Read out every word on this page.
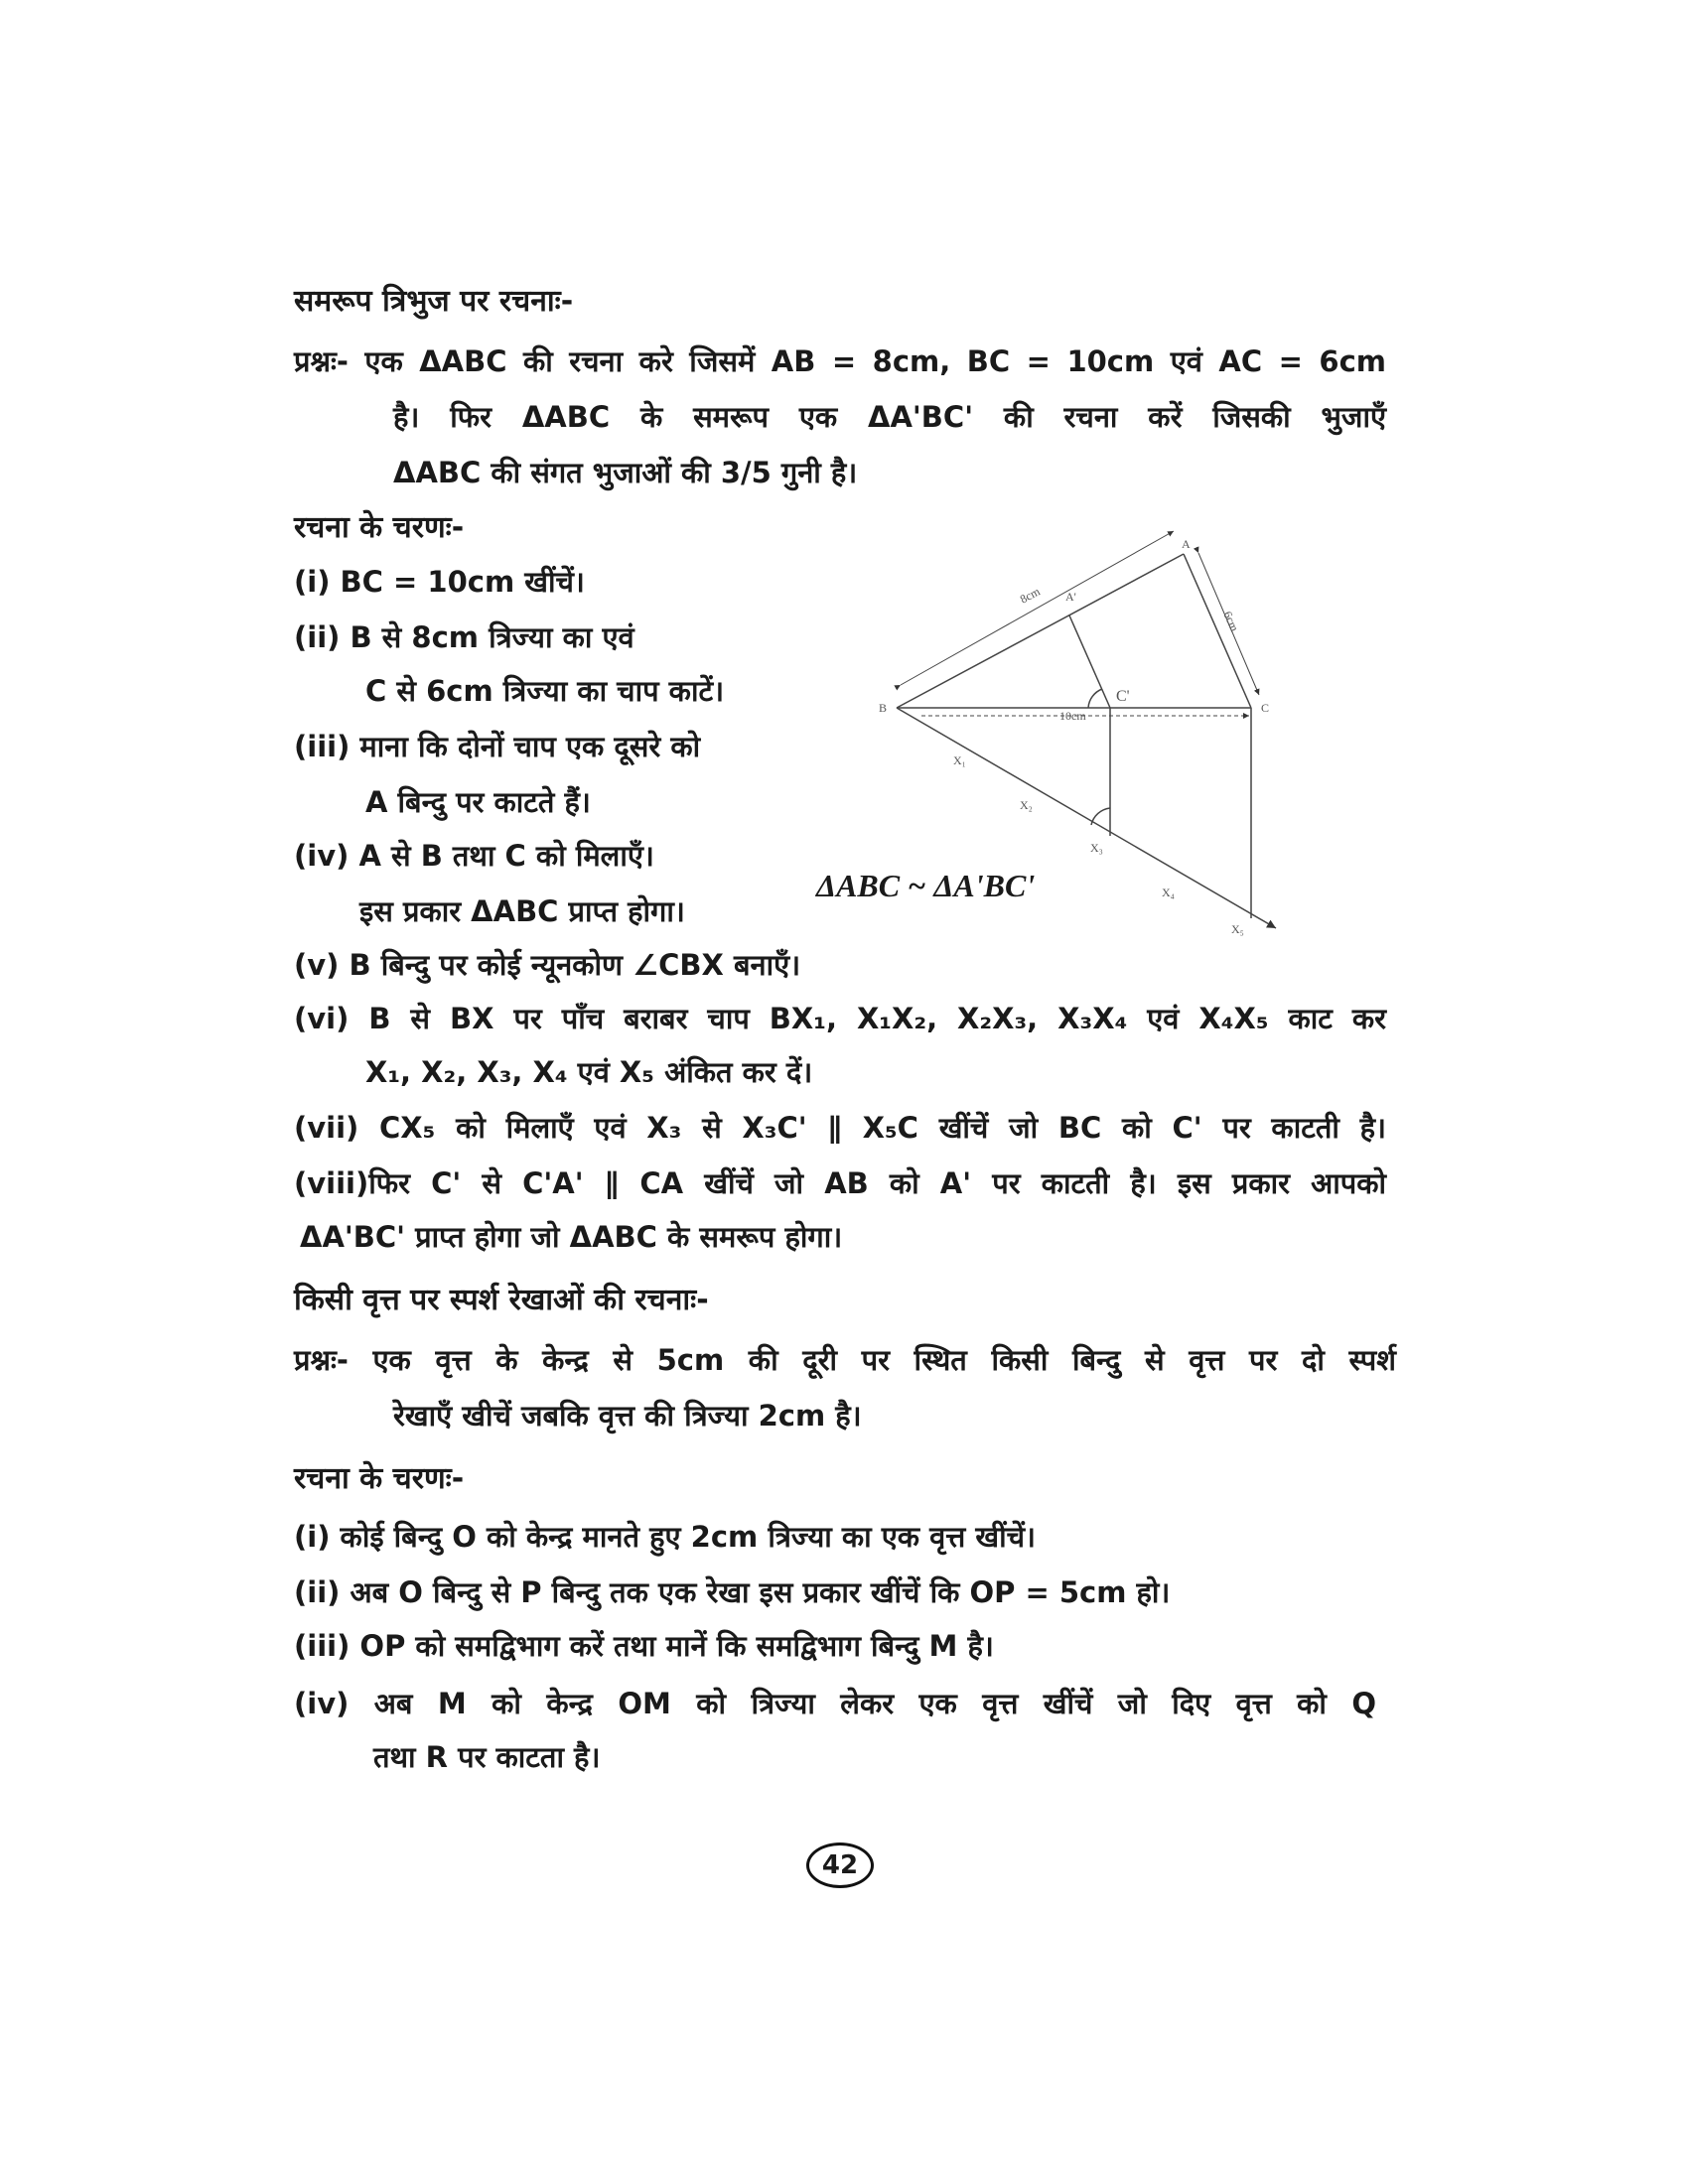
समरूप त्रिभुज पर रचनाः-
प्रश्नः- एक ΔABC की रचना करे जिसमें AB = 8cm, BC = 10cm एवं AC = 6cm
है। फिर ΔABC के समरूप एक ΔA'BC' की रचना करें जिसकी भुजाएँ
ΔABC की संगत भुजाओं की 3/5 गुनी है।
रचना के चरणः-
(i) BC = 10cm खींचें।
(ii) B से 8cm त्रिज्या का एवं
C से 6cm त्रिज्या का चाप काटें।
(iii) माना कि दोनों चाप एक दूसरे को
A बिन्दु पर काटते हैं।
(iv) A से B तथा C को मिलाएँ।
इस प्रकार ΔABC प्राप्त होगा।
(v) B बिन्दु पर कोई न्यूनकोण ∠CBX बनाएँ।
(vi) B से BX पर पाँच बराबर चाप BX₁, X₁X₂, X₂X₃, X₃X₄ एवं X₄X₅ काट कर
X₁, X₂, X₃, X₄ एवं X₅ अंकित कर दें।
(vii) CX₅ को मिलाएँ एवं X₃ से X₃C' ∥ X₅C खींचें जो BC को C' पर काटती है।
(viii)फिर C' से C'A' ∥ CA खींचें जो AB को A' पर काटती है। इस प्रकार आपको
ΔA'BC' प्राप्त होगा जो ΔABC के समरूप होगा।
किसी वृत्त पर स्पर्श रेखाओं की रचनाः-
प्रश्नः- एक वृत्त के केन्द्र से 5cm की दूरी पर स्थित किसी बिन्दु से वृत्त पर दो स्पर्श
रेखाएँ खीचें जबकि वृत्त की त्रिज्या 2cm है।
रचना के चरणः-
(i) कोई बिन्दु O को केन्द्र मानते हुए 2cm त्रिज्या का एक वृत्त खींचें।
(ii) अब O बिन्दु से P बिन्दु तक एक रेखा इस प्रकार खींचें कि OP = 5cm हो।
(iii) OP को समद्विभाग करें तथा मानें कि समद्विभाग बिन्दु M है।
(iv) अब M को केन्द्र OM को त्रिज्या लेकर एक वृत्त खींचें जो दिए वृत्त को Q
तथा R पर काटता है।
B	C
A
A'
C'
X₁
X₂
X₃
X₄
X₅
8cm
6cm
10cm
ΔABC ~ ΔA'BC'
42
